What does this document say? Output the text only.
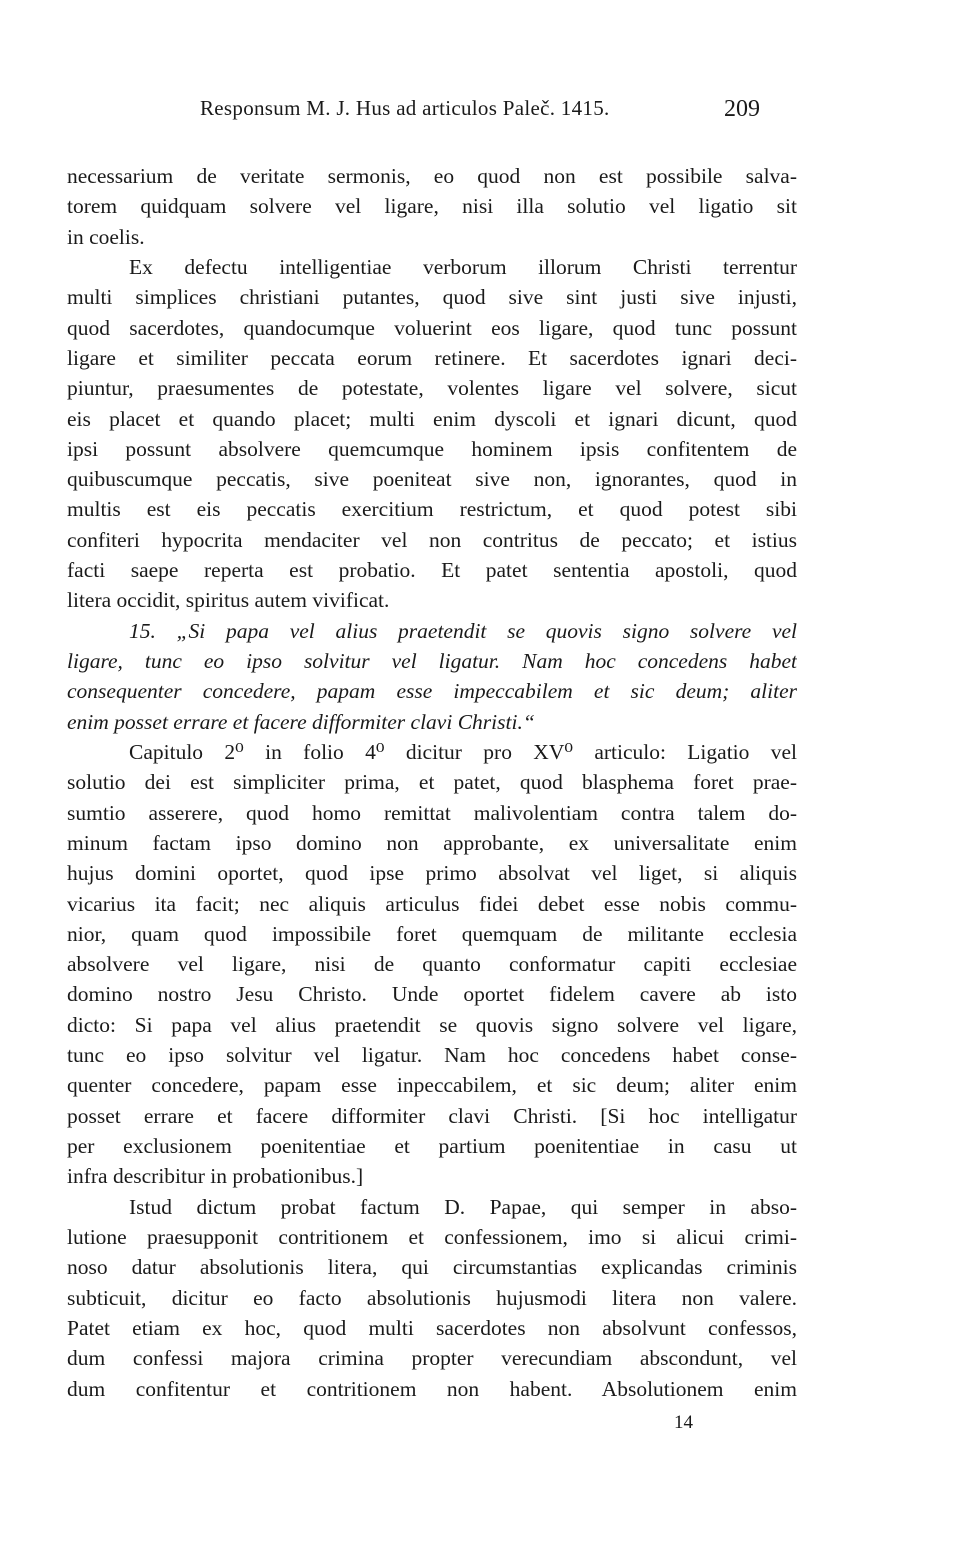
Responsum M. J. Hus ad articulos Paleč. 1415.	209
necessarium de veritate sermonis, eo quod non est possibile salva-
torem quidquam solvere vel ligare, nisi illa solutio vel ligatio sit
in coelis.
Ex defectu intelligentiae verborum illorum Christi terrentur
multi simplices christiani putantes, quod sive sint justi sive injusti,
quod sacerdotes, quandocumque voluerint eos ligare, quod tunc possunt
ligare et similiter peccata eorum retinere. Et sacerdotes ignari deci-
piuntur, praesumentes de potestate, volentes ligare vel solvere, sicut
eis placet et quando placet; multi enim dyscoli et ignari dicunt, quod
ipsi possunt absolvere quemcumque hominem ipsis confitentem de
quibuscumque peccatis, sive poeniteat sive non, ignorantes, quod in
multis est eis peccatis exercitium restrictum, et quod potest sibi
confiteri hypocrita mendaciter vel non contritus de peccato; et istius
facti saepe reperta est probatio. Et patet sententia apostoli, quod
litera occidit, spiritus autem vivificat.
15. „Si papa vel alius praetendit se quovis signo solvere vel
ligare, tunc eo ipso solvitur vel ligatur. Nam hoc concedens habet
consequenter concedere, papam esse impeccabilem et sic deum; aliter
enim posset errare et facere difformiter clavi Christi.“
Capitulo 2⁰ in folio 4⁰ dicitur pro XV⁰ articulo: Ligatio vel
solutio dei est simpliciter prima, et patet, quod blasphema foret prae-
sumtio asserere, quod homo remittat malivolentiam contra talem do-
minum factam ipso domino non approbante, ex universalitate enim
hujus domini oportet, quod ipse primo absolvat vel liget, si aliquis
vicarius ita facit; nec aliquis articulus fidei debet esse nobis commu-
nior, quam quod impossibile foret quemquam de militante ecclesia
absolvere vel ligare, nisi de quanto conformatur capiti ecclesiae
domino nostro Jesu Christo. Unde oportet fidelem cavere ab isto
dicto: Si papa vel alius praetendit se quovis signo solvere vel ligare,
tunc eo ipso solvitur vel ligatur. Nam hoc concedens habet conse-
quenter concedere, papam esse inpeccabilem, et sic deum; aliter enim
posset errare et facere difformiter clavi Christi. [Si hoc intelligatur
per exclusionem poenitentiae et partium poenitentiae in casu ut
infra describitur in probationibus.]
Istud dictum probat factum D. Papae, qui semper in abso-
lutione praesupponit contritionem et confessionem, imo si alicui crimi-
noso datur absolutionis litera, qui circumstantias explicandas criminis
subticuit, dicitur eo facto absolutionis hujusmodi litera non valere.
Patet etiam ex hoc, quod multi sacerdotes non absolvunt confessos,
dum confessi majora crimina propter verecundiam abscondunt, vel
dum confitentur et contritionem non habent. Absolutionem enim
14
